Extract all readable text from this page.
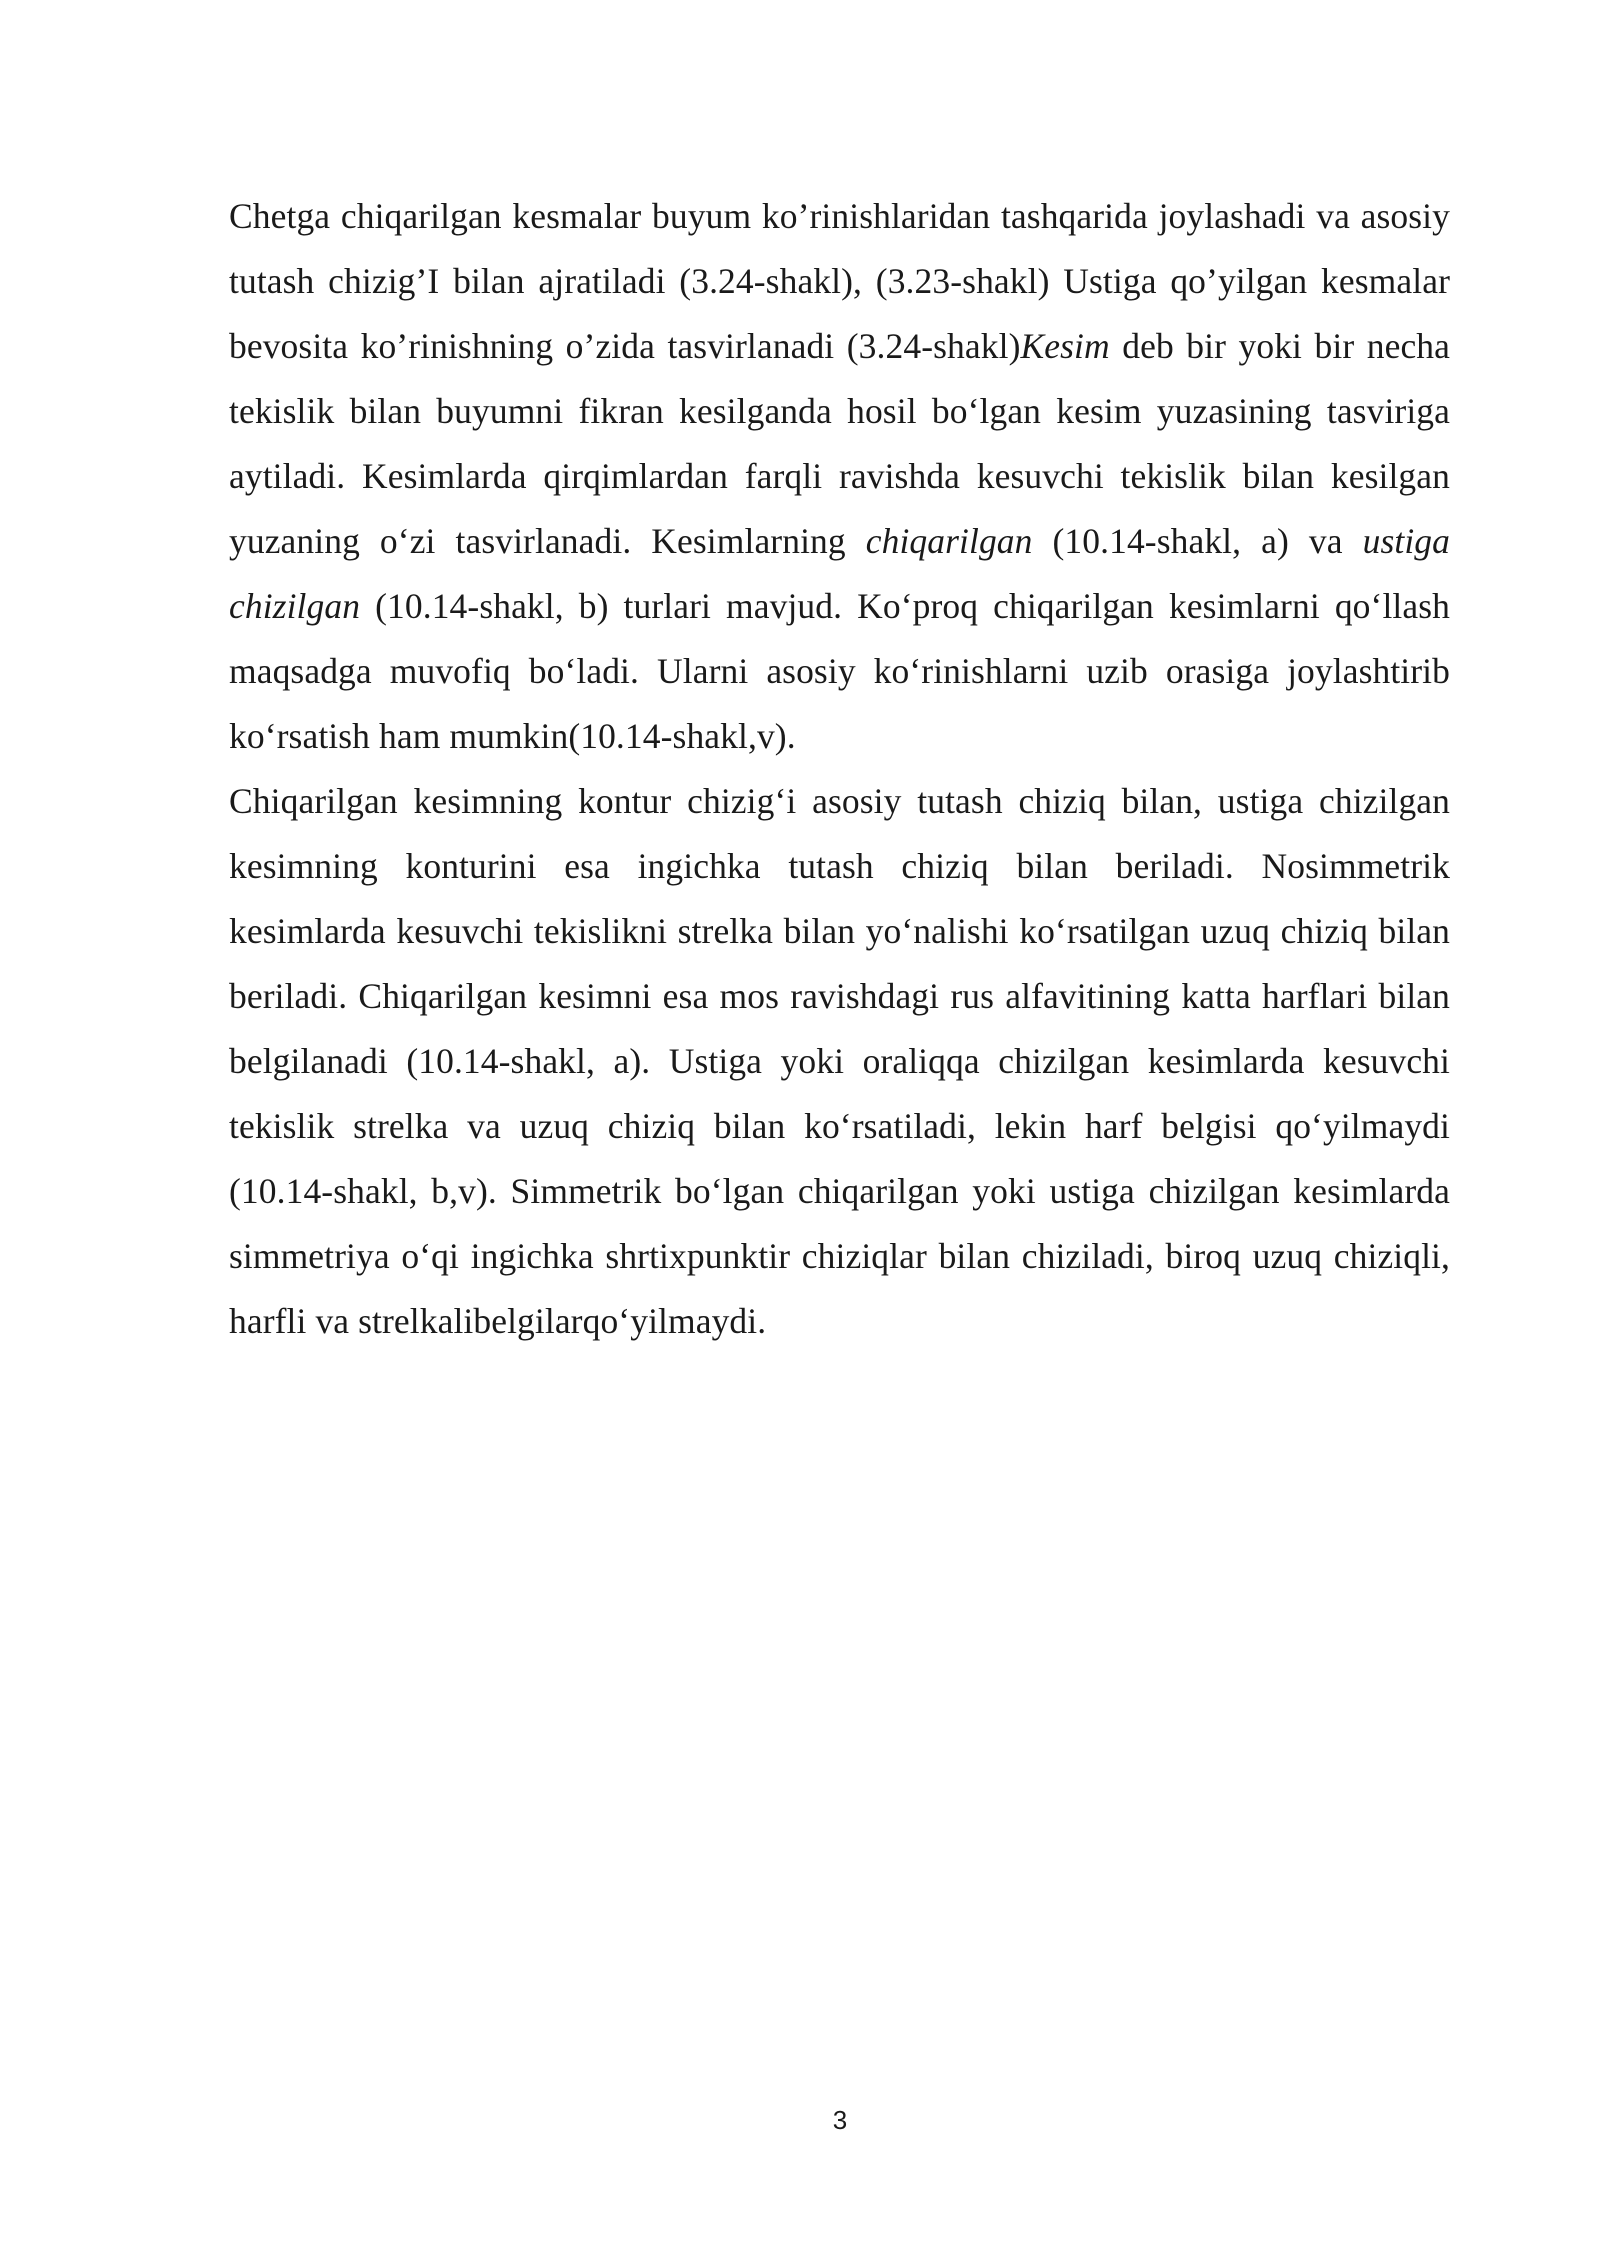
Chetga chiqarilgan kesmalar buyum ko’rinishlaridan tashqarida joylashadi va asosiy tutash chizig’I bilan ajratiladi (3.24-shakl), (3.23-shakl) Ustiga qo’yilgan kesmalar bevosita ko’rinishning o’zida tasvirlanadi (3.24-shakl)Kesim deb bir yoki bir necha tekislik bilan buyumni fikran kesilganda hosil bo‘lgan kesim yuzasining tasviriga aytiladi. Kesimlarda qirqimlardan farqli ravishda kesuvchi tekislik bilan kesilgan yuzaning o‘zi tasvirlanadi. Kesimlarning chiqarilgan (10.14-shakl, a) va ustiga chizilgan (10.14-shakl, b) turlari mavjud. Ko‘proq chiqarilgan kesimlarni qo‘llash maqsadga muvofiq bo‘ladi. Ularni asosiy ko‘rinishlarni uzib orasiga joylashtirib ko‘rsatish ham mumkin(10.14-shakl,v).

Chiqarilgan kesimning kontur chizig‘i asosiy tutash chiziq bilan, ustiga chizilgan kesimning konturini esa ingichka tutash chiziq bilan beriladi. Nosimmetrik kesimlarda kesuvchi tekislikni strelka bilan yo‘nalishi ko‘rsatilgan uzuq chiziq bilan beriladi. Chiqarilgan kesimni esa mos ravishdagi rus alfavitining katta harflari bilan belgilanadi (10.14-shakl, a). Ustiga yoki oraliqqa chizilgan kesimlarda kesuvchi tekislik strelka va uzuq chiziq bilan ko‘rsatiladi, lekin harf belgisi qo‘yilmaydi (10.14-shakl, b,v). Simmetrik bo‘lgan chiqarilgan yoki ustiga chizilgan kesimlarda simmetriya o‘qi ingichka shrtixpunktir chiziqlar bilan chiziladi, biroq uzuq chiziqli, harfli va strelkalibelgilarqo‘yilmaydi.

3
